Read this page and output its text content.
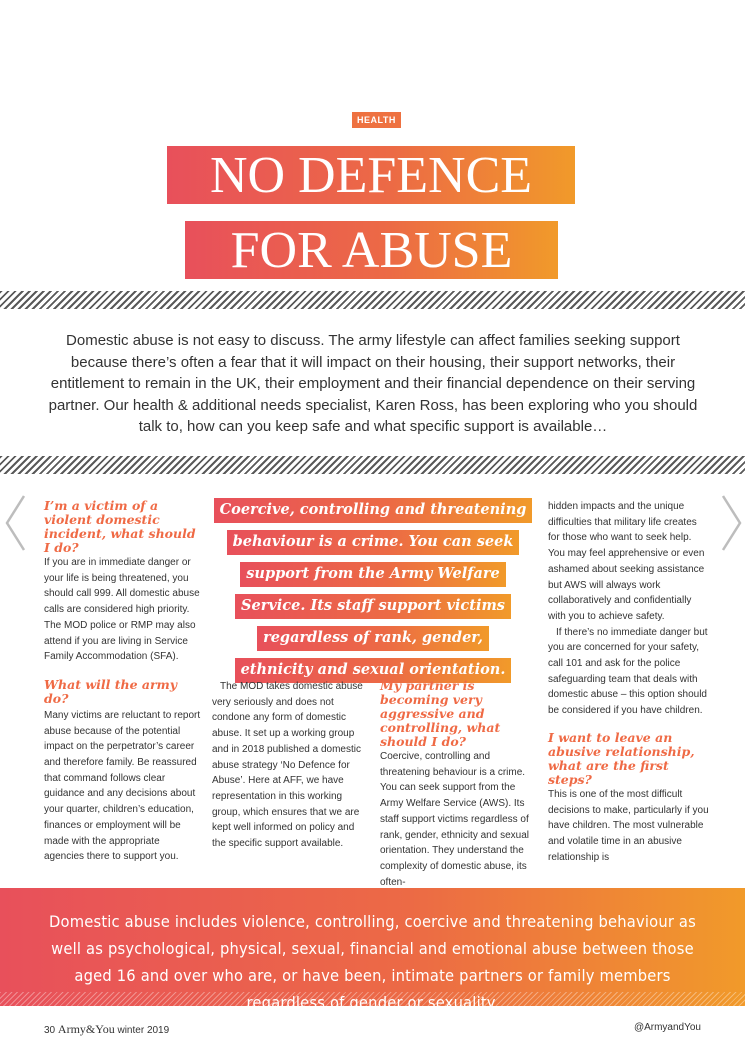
HEALTH
NO DEFENCE
FOR ABUSE
Domestic abuse is not easy to discuss. The army lifestyle can affect families seeking support because there’s often a fear that it will impact on their housing, their support networks, their entitlement to remain in the UK, their employment and their financial dependence on their serving partner. Our health & additional needs specialist, Karen Ross, has been exploring who you should talk to, how can you keep safe and what specific support is available…

I’m a victim of a violent domestic incident, what should I do?

If you are in immediate danger or your life is being threatened, you should call 999. All domestic abuse calls are considered high priority. The MOD police or RMP may also attend if you are living in Service Family Accommodation (SFA).

What will the army do?

Many victims are reluctant to report abuse because of the potential impact on the perpetrator’s career and therefore family. Be reassured that command follows clear guidance and any decisions about your quarter, children’s education, finances or employment will be made with the appropriate agencies there to support you.

Coercive, controlling and threatening
behaviour is a crime. You can seek
support from the Army Welfare
Service. Its staff support victims
regardless of rank, gender,
ethnicity and sexual orientation.

The MOD takes domestic abuse very seriously and does not condone any form of domestic abuse. It set up a working group and in 2018 published a domestic abuse strategy ‘No Defence for Abuse’. Here at AFF, we have representation in this working group, which ensures that we are kept well informed on policy and the specific support available.

My partner is becoming very aggressive and controlling, what should I do?

Coercive, controlling and threatening behaviour is a crime. You can seek support from the Army Welfare Service (AWS). Its staff support victims regardless of rank, gender, ethnicity and sexual orientation. They understand the complexity of domestic abuse, its often-

hidden impacts and the unique difficulties that military life creates for those who want to seek help. You may feel apprehensive or even ashamed about seeking assistance but AWS will always work collaboratively and confidentially with you to achieve safety.

If there’s no immediate danger but you are concerned for your safety, call 101 and ask for the police safeguarding team that deals with domestic abuse – this option should be considered if you have children.

I want to leave an abusive relationship, what are the first steps?

This is one of the most difficult decisions to make, particularly if you have children. The most vulnerable and volatile time in an abusive relationship is

Domestic abuse includes violence, controlling, coercive and threatening behaviour as well as psychological, physical, sexual, financial and emotional abuse between those aged 16 and over who are, or have been, intimate partners or family members regardless of gender or sexuality.
30 Army&You winter 2019	@ArmyandYou
